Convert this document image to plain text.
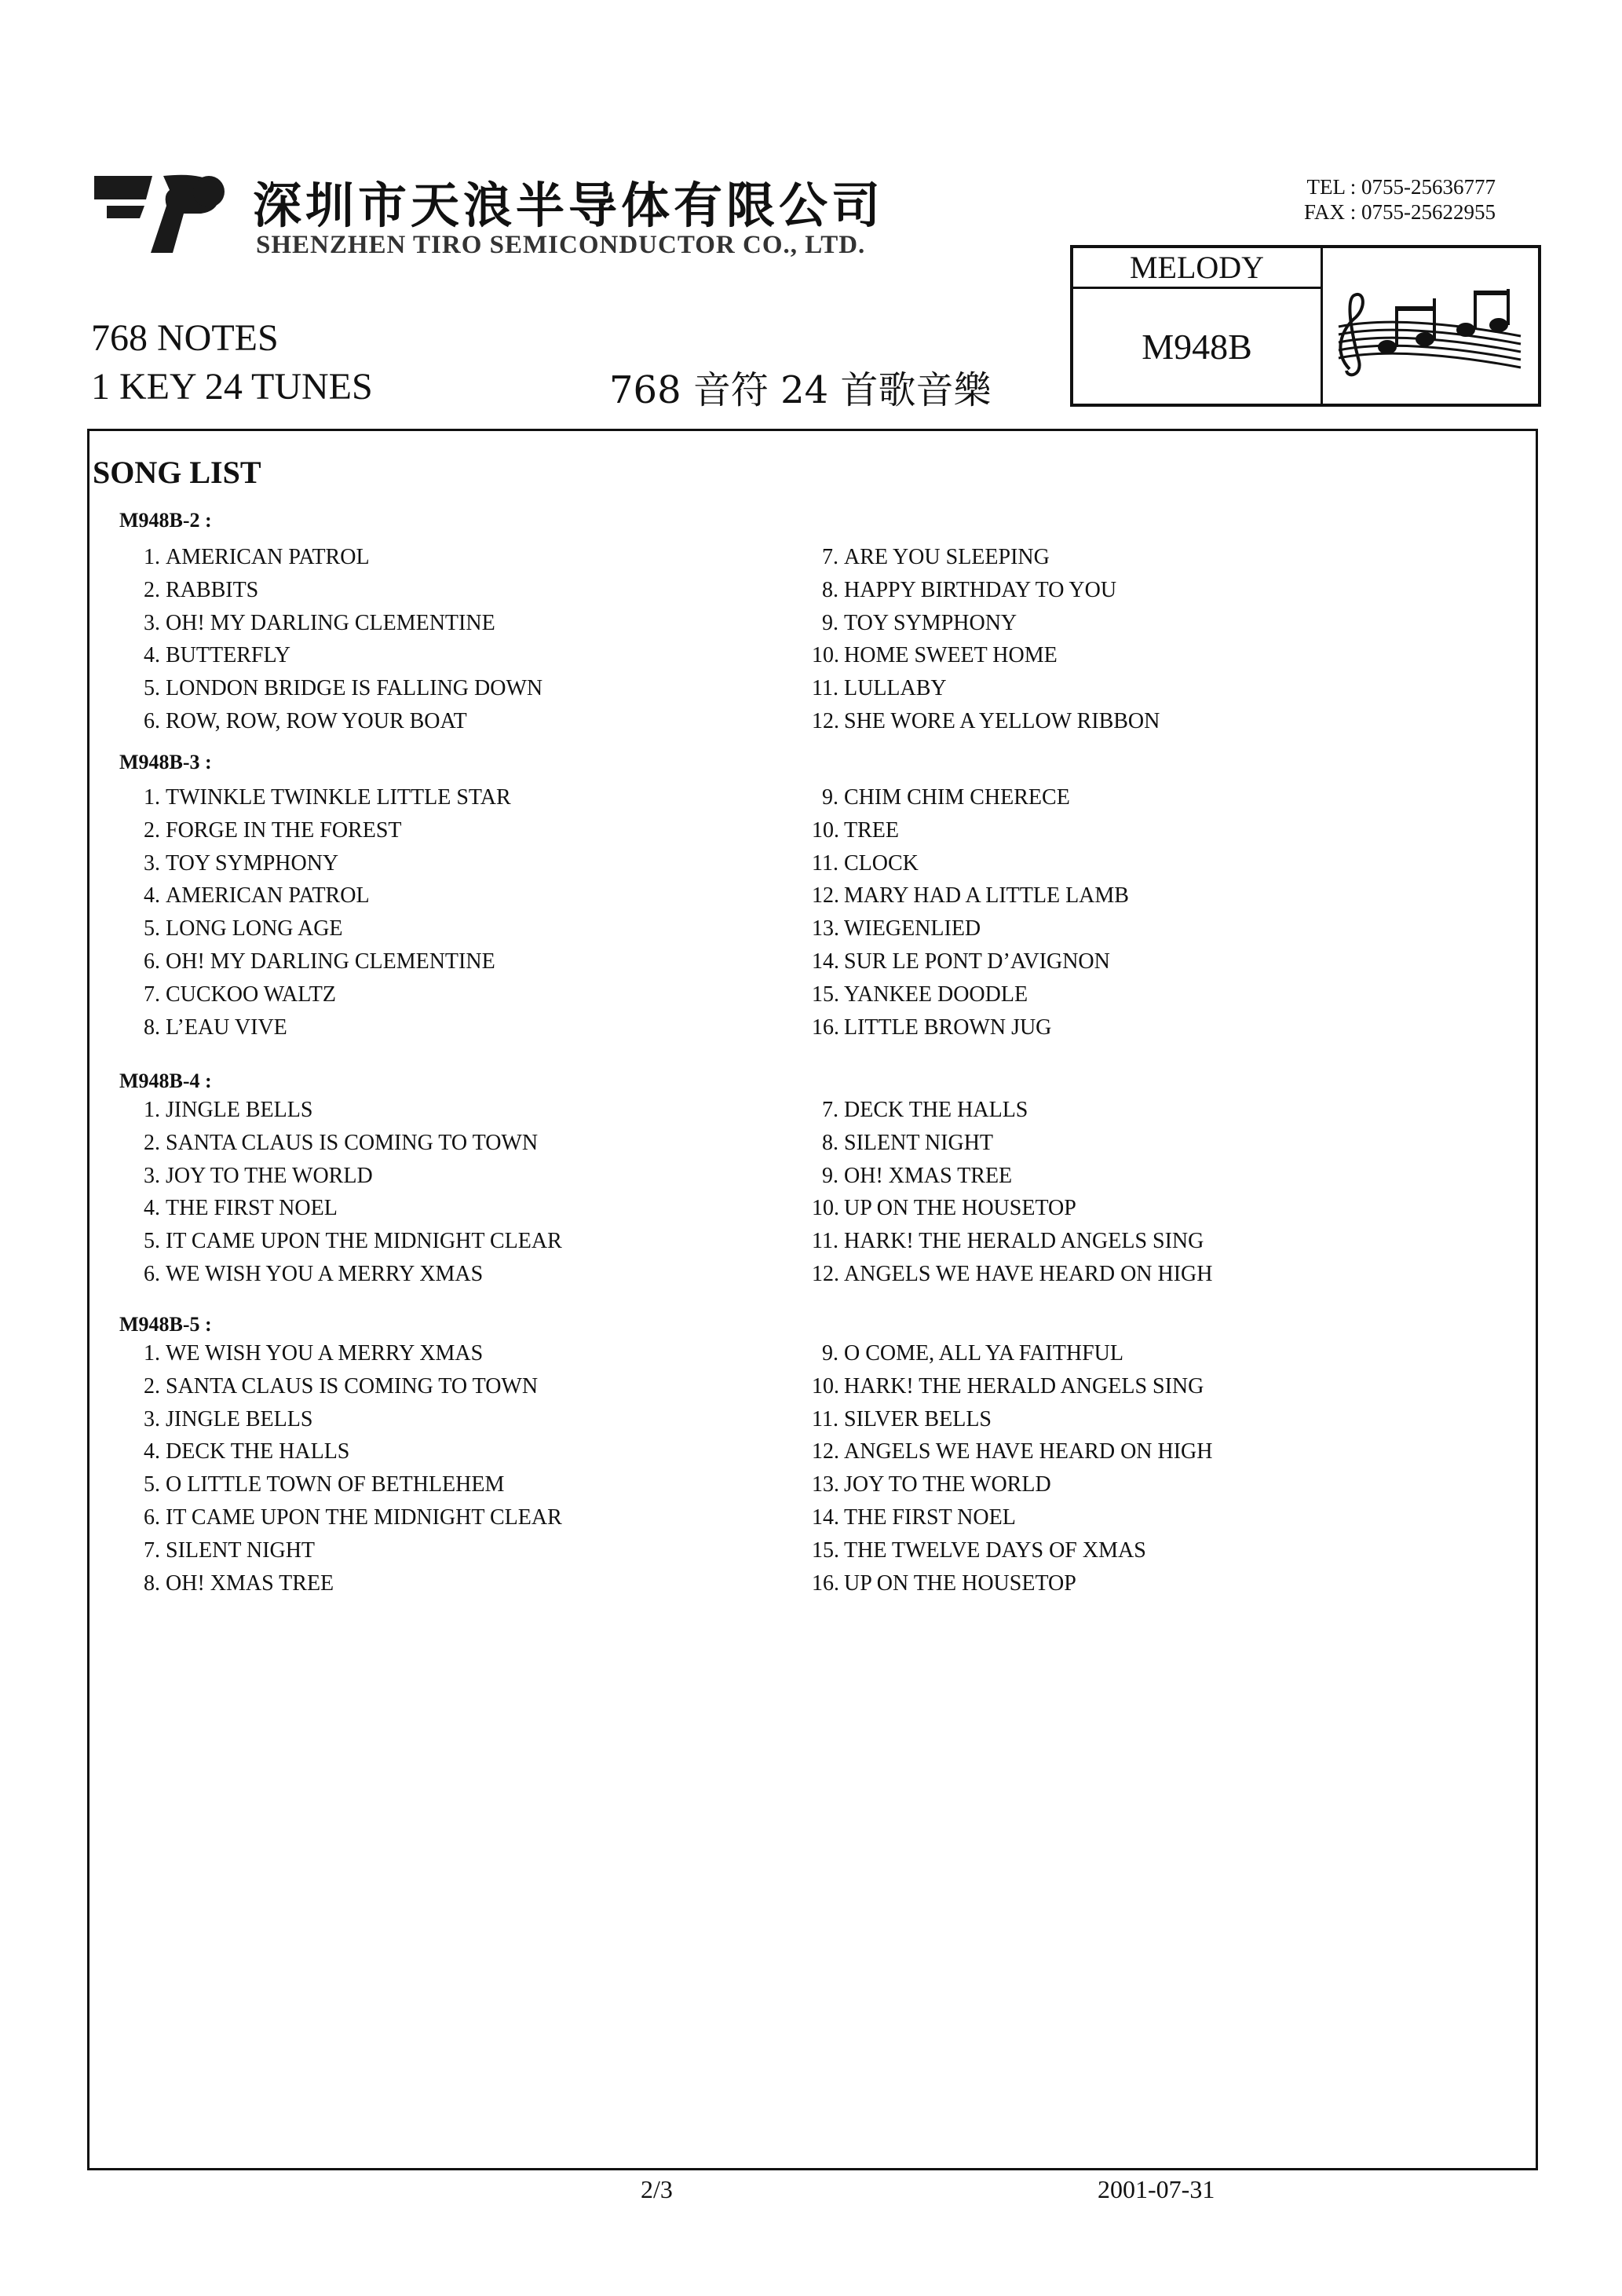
深圳市天浪半导体有限公司
SHENZHEN TIRO SEMICONDUCTOR CO., LTD.
TEL : 0755-25636777
FAX : 0755-25622955
MELODY
M948B
768 NOTES
1 KEY 24 TUNES	768 音符 24 首歌音樂
SONG LIST
M948B-2 :
1. AMERICAN PATROL
2. RABBITS
3. OH! MY DARLING CLEMENTINE
4. BUTTERFLY
5. LONDON BRIDGE IS FALLING DOWN
6. ROW, ROW, ROW YOUR BOAT
7. ARE YOU SLEEPING
8. HAPPY BIRTHDAY TO YOU
9. TOY SYMPHONY
10. HOME SWEET HOME
11. LULLABY
12. SHE WORE A YELLOW RIBBON
M948B-3 :
1. TWINKLE TWINKLE LITTLE STAR
2. FORGE IN THE FOREST
3. TOY SYMPHONY
4. AMERICAN PATROL
5. LONG LONG AGE
6. OH! MY DARLING CLEMENTINE
7. CUCKOO WALTZ
8. L’EAU VIVE
9. CHIM CHIM CHERECE
10. TREE
11. CLOCK
12. MARY HAD A LITTLE LAMB
13. WIEGENLIED
14. SUR LE PONT D’AVIGNON
15. YANKEE DOODLE
16. LITTLE BROWN JUG
M948B-4 :
1. JINGLE BELLS
2. SANTA CLAUS IS COMING TO TOWN
3. JOY TO THE WORLD
4. THE FIRST NOEL
5. IT CAME UPON THE MIDNIGHT CLEAR
6. WE WISH YOU A MERRY XMAS
7. DECK THE HALLS
8. SILENT NIGHT
9. OH! XMAS TREE
10. UP ON THE HOUSETOP
11. HARK! THE HERALD ANGELS SING
12. ANGELS WE HAVE HEARD ON HIGH
M948B-5 :
1. WE WISH YOU A MERRY XMAS
2. SANTA CLAUS IS COMING TO TOWN
3. JINGLE BELLS
4. DECK THE HALLS
5. O LITTLE TOWN OF BETHLEHEM
6. IT CAME UPON THE MIDNIGHT CLEAR
7. SILENT NIGHT
8. OH! XMAS TREE
9. O COME, ALL YA FAITHFUL
10. HARK! THE HERALD ANGELS SING
11. SILVER BELLS
12. ANGELS WE HAVE HEARD ON HIGH
13. JOY TO THE WORLD
14. THE FIRST NOEL
15. THE TWELVE DAYS OF XMAS
16. UP ON THE HOUSETOP
2/3	2001-07-31
